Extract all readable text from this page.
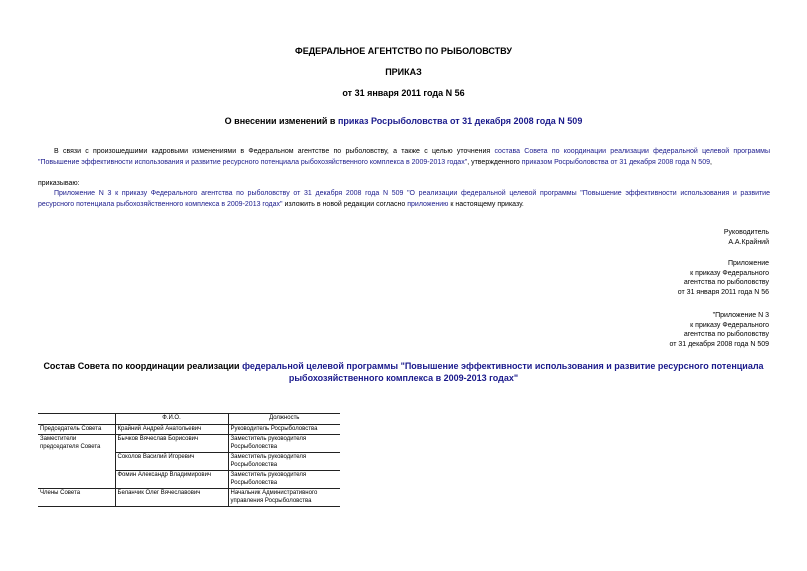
ФЕДЕРАЛЬНОЕ АГЕНТСТВО ПО РЫБОЛОВСТВУ
ПРИКАЗ
от 31 января 2011 года N 56
О внесении изменений в приказ Росрыболовства от 31 декабря 2008 года N 509
В связи с произошедшими кадровыми изменениями в Федеральном агентстве по рыболовству, а также с целью уточнения состава Совета по координации реализации федеральной целевой программы
"Повышение эффективности использования и развитие ресурсного потенциала рыбохозяйственного комплекса в 2009-2013 годах", утвержденного приказом Росрыболовства от 31 декабря 2008 года N 509,
приказываю:
Приложение N 3 к приказу Федерального агентства по рыболовству от 31 декабря 2008 года N 509 "О реализации федеральной целевой программы "Повышение эффективности использования и развитие
ресурсного потенциала рыбохозяйственного комплекса в 2009-2013 годах" изложить в новой редакции согласно приложению к настоящему приказу.
Руководитель
А.А.Крайний
Приложение
к приказу Федерального
агентства по рыболовству
от 31 января 2011 года N 56
"Приложение N 3
к приказу Федерального
агентства по рыболовству
от 31 декабря 2008 года N 509
Состав Совета по координации реализации федеральной целевой программы "Повышение эффективности использования и развитие ресурсного потенциала
рыбохозяйственного комплекса в 2009-2013 годах"
	Ф.И.О.	Должность
Председатель Совета	Крайний Андрей Анатольевич	Руководитель Росрыболовства
Заместители председателя Совета	Бычков Вячеслав Борисович	Заместитель руководителя Росрыболовства
	Соколов Василий Игоревич	Заместитель руководителя Росрыболовства
	Фомин Александр Владимирович	Заместитель руководителя Росрыболовства
Члены Совета	Беланчик Олег Вячеславович	Начальник Административного управления Росрыболовства
